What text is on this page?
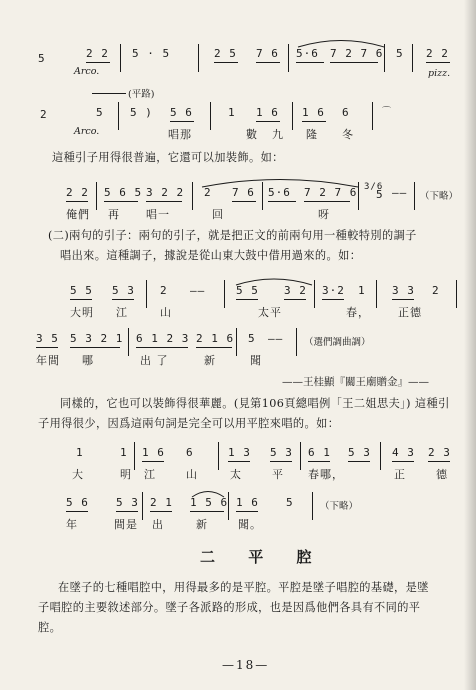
5	2 2 5 · 5	2 5 7 6 5·6 7 2 7 6 5 2 2
Arco.	pizz.
(平路)
2	5 5 ) 5 6	1 1 6 1 6 6	⌒
Arco.	唱那	數 九 隆 冬
這種引子用得很普遍，它還可以加裝飾。如：
2 2 5 6 5 3 2 2 2 7 6 5·6 7 2 7 6 3/6
5 —— （下略）
俺們 再 唱一	回	呀
(二)兩句的引子：兩句的引子，就是把正文的前兩句用一種較特別的調子
唱出來。這種調子，據說是從山東大鼓中借用過來的。如：
5 5 5 3 2 ——	5 5 3 2 3·2 1 3 3 2
大明 江	山	太平	春，	正德
3 5 5 3 2 1 6 1 2 3 2 1 6 5 —— （選們調曲調）
年間 哪	出 了	新	聞
——王桂顯『關王廟贈金』——
同樣的，它也可以裝飾得很華麗。(見第106頁總唱例「王二姐思夫」) 這種引
子用得很少，因爲這兩句詞是完全可以用平腔來唱的。如：
1	1 1 6 6	1 3 5 3 6 1 5 3 4 3 2 3
大	明 江	山	太	平 春哪，	正	德
5 6 5 3 2 1 1 5 6 1 6 5	（下略）
年	間是 出	新	聞。
二 平 腔
在墜子的七種唱腔中，用得最多的是平腔。平腔是墜子唱腔的基礎，是墜
子唱腔的主要敘述部分。墜子各派路的形成，也是因爲他們各具有不同的平
腔。
—18—
